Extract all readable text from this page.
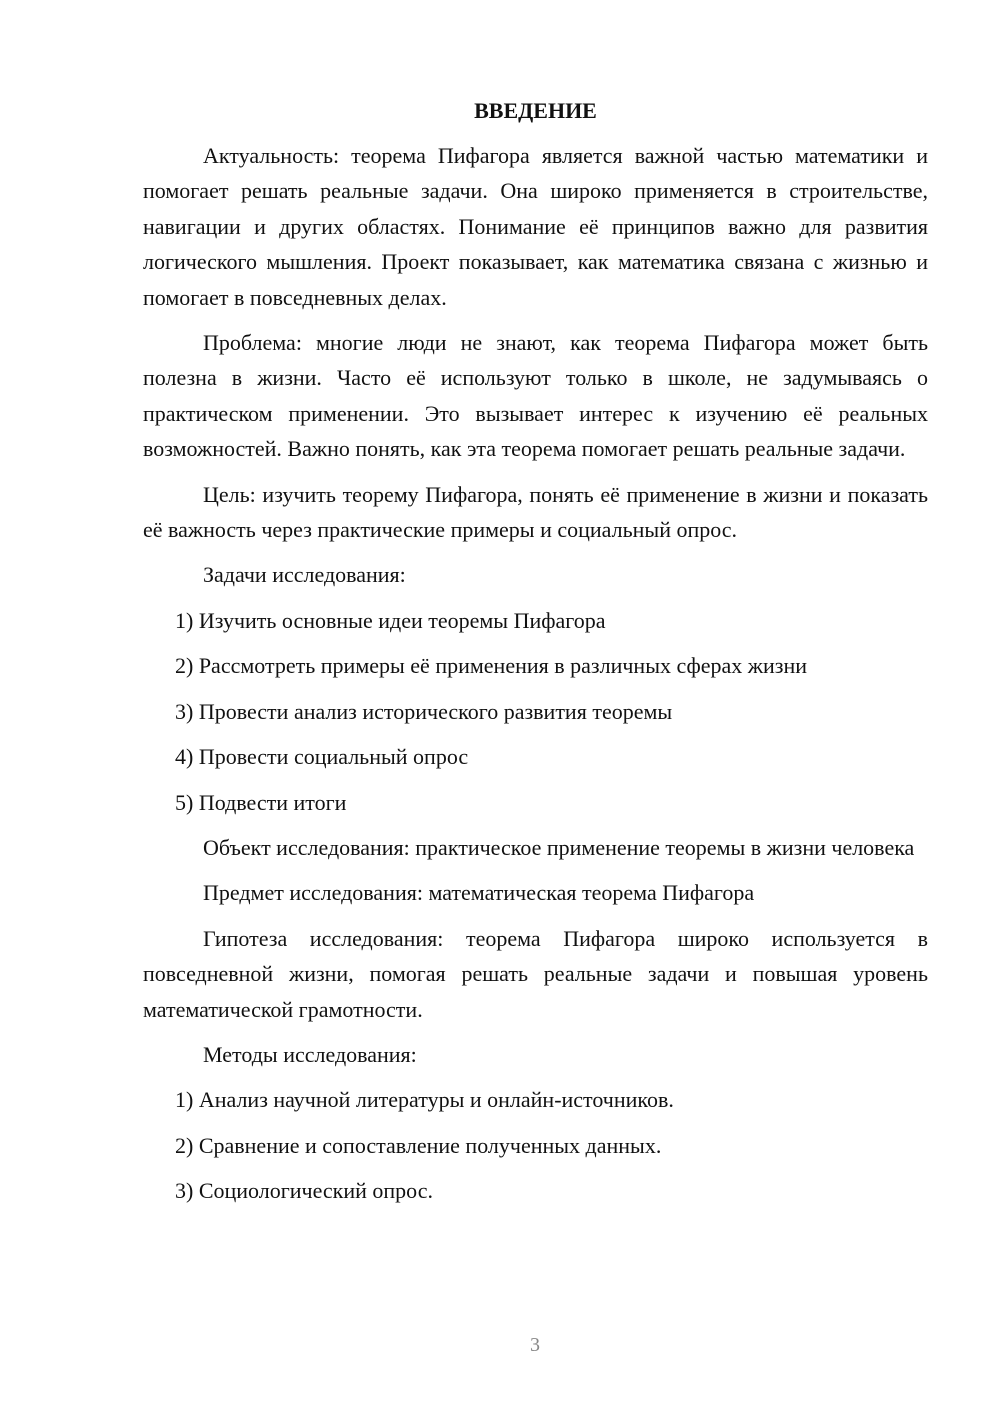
ВВЕДЕНИЕ

Актуальность: теорема Пифагора является важной частью математики и помогает решать реальные задачи. Она широко применяется в строительстве, навигации и других областях. Понимание её принципов важно для развития логического мышления. Проект показывает, как математика связана с жизнью и помогает в повседневных делах.

Проблема: многие люди не знают, как теорема Пифагора может быть полезна в жизни. Часто её используют только в школе, не задумываясь о практическом применении. Это вызывает интерес к изучению её реальных возможностей. Важно понять, как эта теорема помогает решать реальные задачи.

Цель: изучить теорему Пифагора, понять её применение в жизни и показать её важность через практические примеры и социальный опрос.

Задачи исследования:

1) Изучить основные идеи теоремы Пифагора

2) Рассмотреть примеры её применения в различных сферах жизни

3) Провести анализ исторического развития теоремы

4) Провести социальный опрос

5) Подвести итоги

Объект исследования: практическое применение теоремы в жизни человека

Предмет исследования: математическая теорема Пифагора

Гипотеза исследования: теорема Пифагора широко используется в повседневной жизни, помогая решать реальные задачи и повышая уровень математической грамотности.

Методы исследования:

1) Анализ научной литературы и онлайн-источников.

2) Сравнение и сопоставление полученных данных.

3) Социологический опрос.

3
